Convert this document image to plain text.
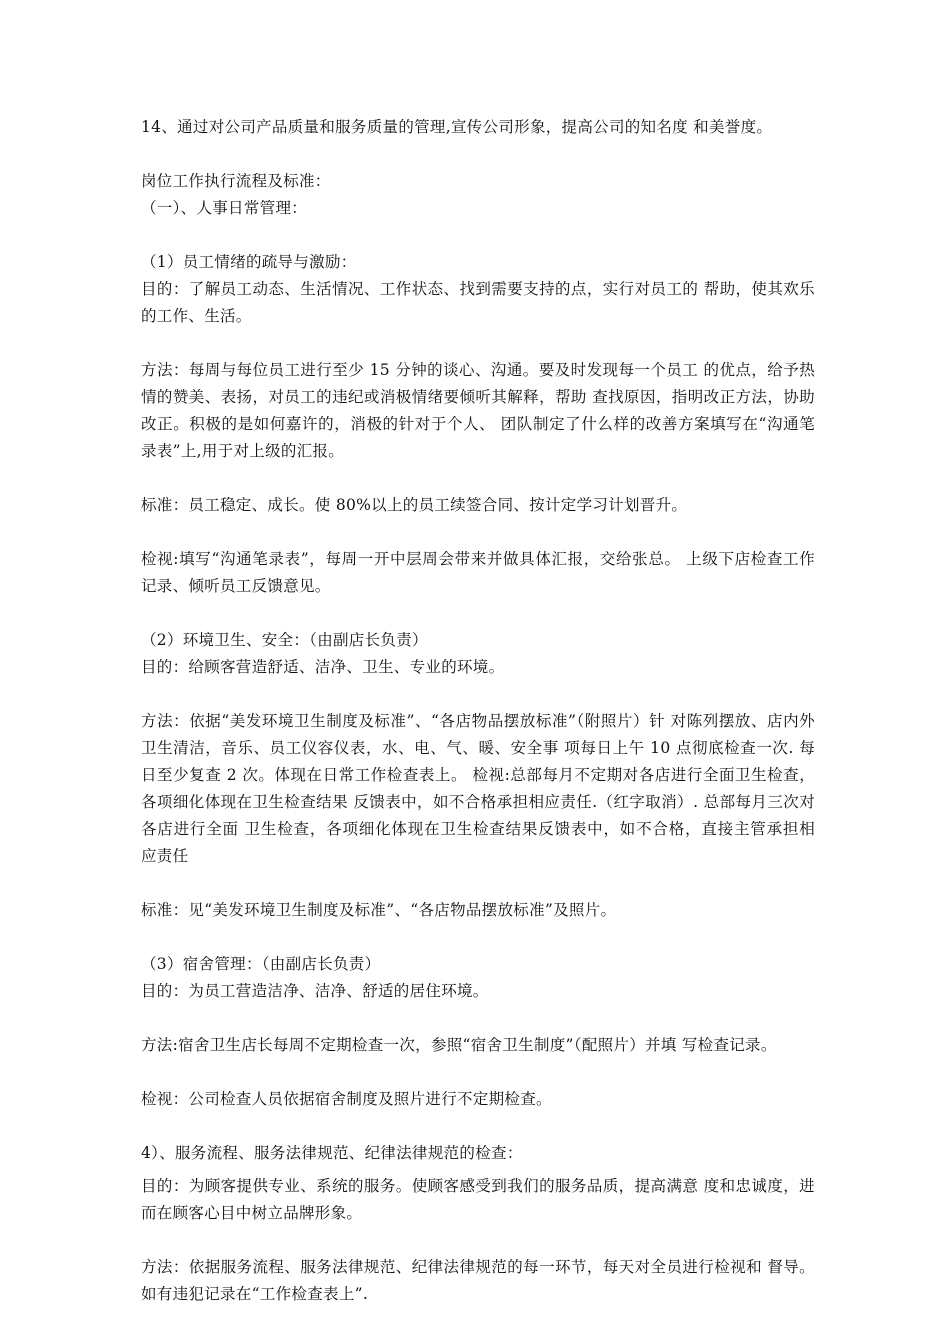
14、通过对公司产品质量和服务质量的管理,宣传公司形象，提高公司的知名度 和美誉度。

岗位工作执行流程及标准：

（一）、人事日常管理：

（1）员工情绪的疏导与激励：

目的：了解员工动态、生活情况、工作状态、找到需要支持的点，实行对员工的 帮助，使其欢乐的工作、生活。

方法：每周与每位员工进行至少 15 分钟的谈心、沟通。要及时发现每一个员工 的优点，给予热情的赞美、表扬，对员工的违纪或消极情绪要倾听其解释，帮助 查找原因，指明改正方法，协助改正。积极的是如何嘉许的，消极的针对于个人、 团队制定了什么样的改善方案填写在“沟通笔录表”上,用于对上级的汇报。

标准：员工稳定、成长。使 80%以上的员工续签合同、按计定学习计划晋升。

检视:填写“沟通笔录表”，每周一开中层周会带来并做具体汇报，交给张总。 上级下店检查工作记录、倾听员工反馈意见。

（2）环境卫生、安全：（由副店长负责）

目的：给顾客营造舒适、洁净、卫生、专业的环境。

方法：依据“美发环境卫生制度及标准”、“各店物品摆放标准”（附照片）针 对陈列摆放、店内外卫生清洁，音乐、员工仪容仪表，水、电、气、暖、安全事 项每日上午 10 点彻底检查一次. 每日至少复查 2 次。体现在日常工作检查表上。 检视:总部每月不定期对各店进行全面卫生检查，各项细化体现在卫生检查结果 反馈表中，如不合格承担相应责任.（红字取消）. 总部每月三次对各店进行全面 卫生检查，各项细化体现在卫生检查结果反馈表中，如不合格，直接主管承担相 应责任

标准：见“美发环境卫生制度及标准”、“各店物品摆放标准”及照片。

（3）宿舍管理：（由副店长负责）

目的：为员工营造洁净、洁净、舒适的居住环境。

方法:宿舍卫生店长每周不定期检查一次，参照“宿舍卫生制度”（配照片）并填 写检查记录。

检视：公司检查人员依据宿舍制度及照片进行不定期检查。

4）、服务流程、服务法律规范、纪律法律规范的检查：

目的：为顾客提供专业、系统的服务。使顾客感受到我们的服务品质，提高满意 度和忠诚度，进而在顾客心目中树立品牌形象。

方法：依据服务流程、服务法律规范、纪律法律规范的每一环节，每天对全员进行检视和 督导。如有违犯记录在“工作检查表上”.
